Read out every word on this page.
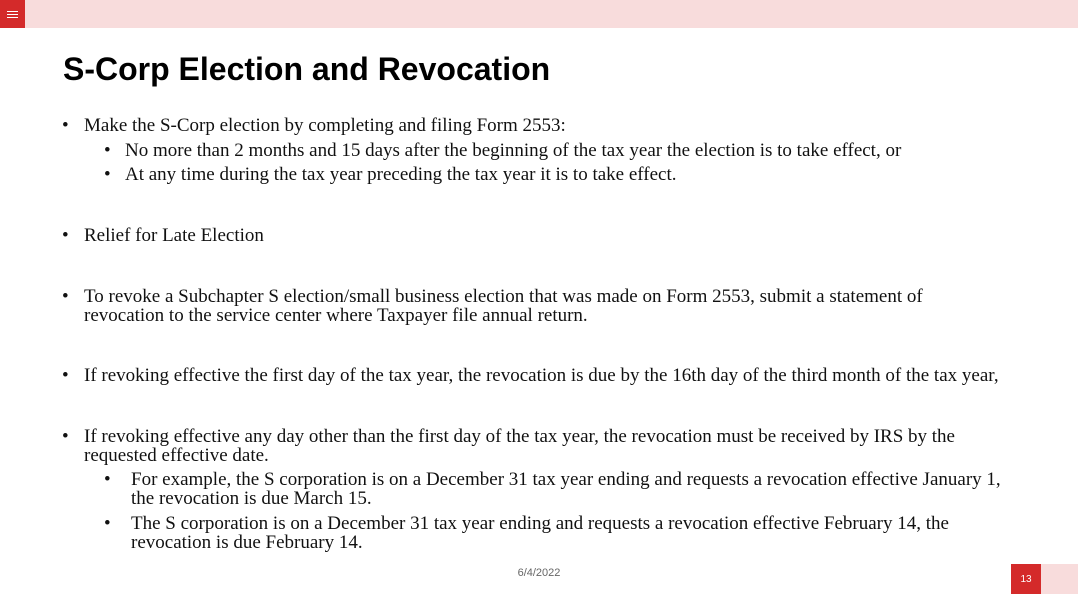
S-Corp Election and Revocation
• Make the S-Corp election by completing and filing Form 2553:
• No more than 2 months and 15 days after the beginning of the tax year the election is to take effect, or
• At any time during the tax year preceding the tax year it is to take effect.
• Relief for Late Election
• To revoke a Subchapter S election/small business election that was made on Form 2553, submit a statement of
revocation to the service center where Taxpayer file annual return.
• If revoking effective the first day of the tax year, the revocation is due by the 16th day of the third month of the tax year,
• If revoking effective any day other than the first day of the tax year, the revocation must be received by IRS by the
requested effective date.
• For example, the S corporation is on a December 31 tax year ending and requests a revocation effective January 1,
the revocation is due March 15.
• The S corporation is on a December 31 tax year ending and requests a revocation effective February 14, the
revocation is due February 14.
6/4/2022	13
